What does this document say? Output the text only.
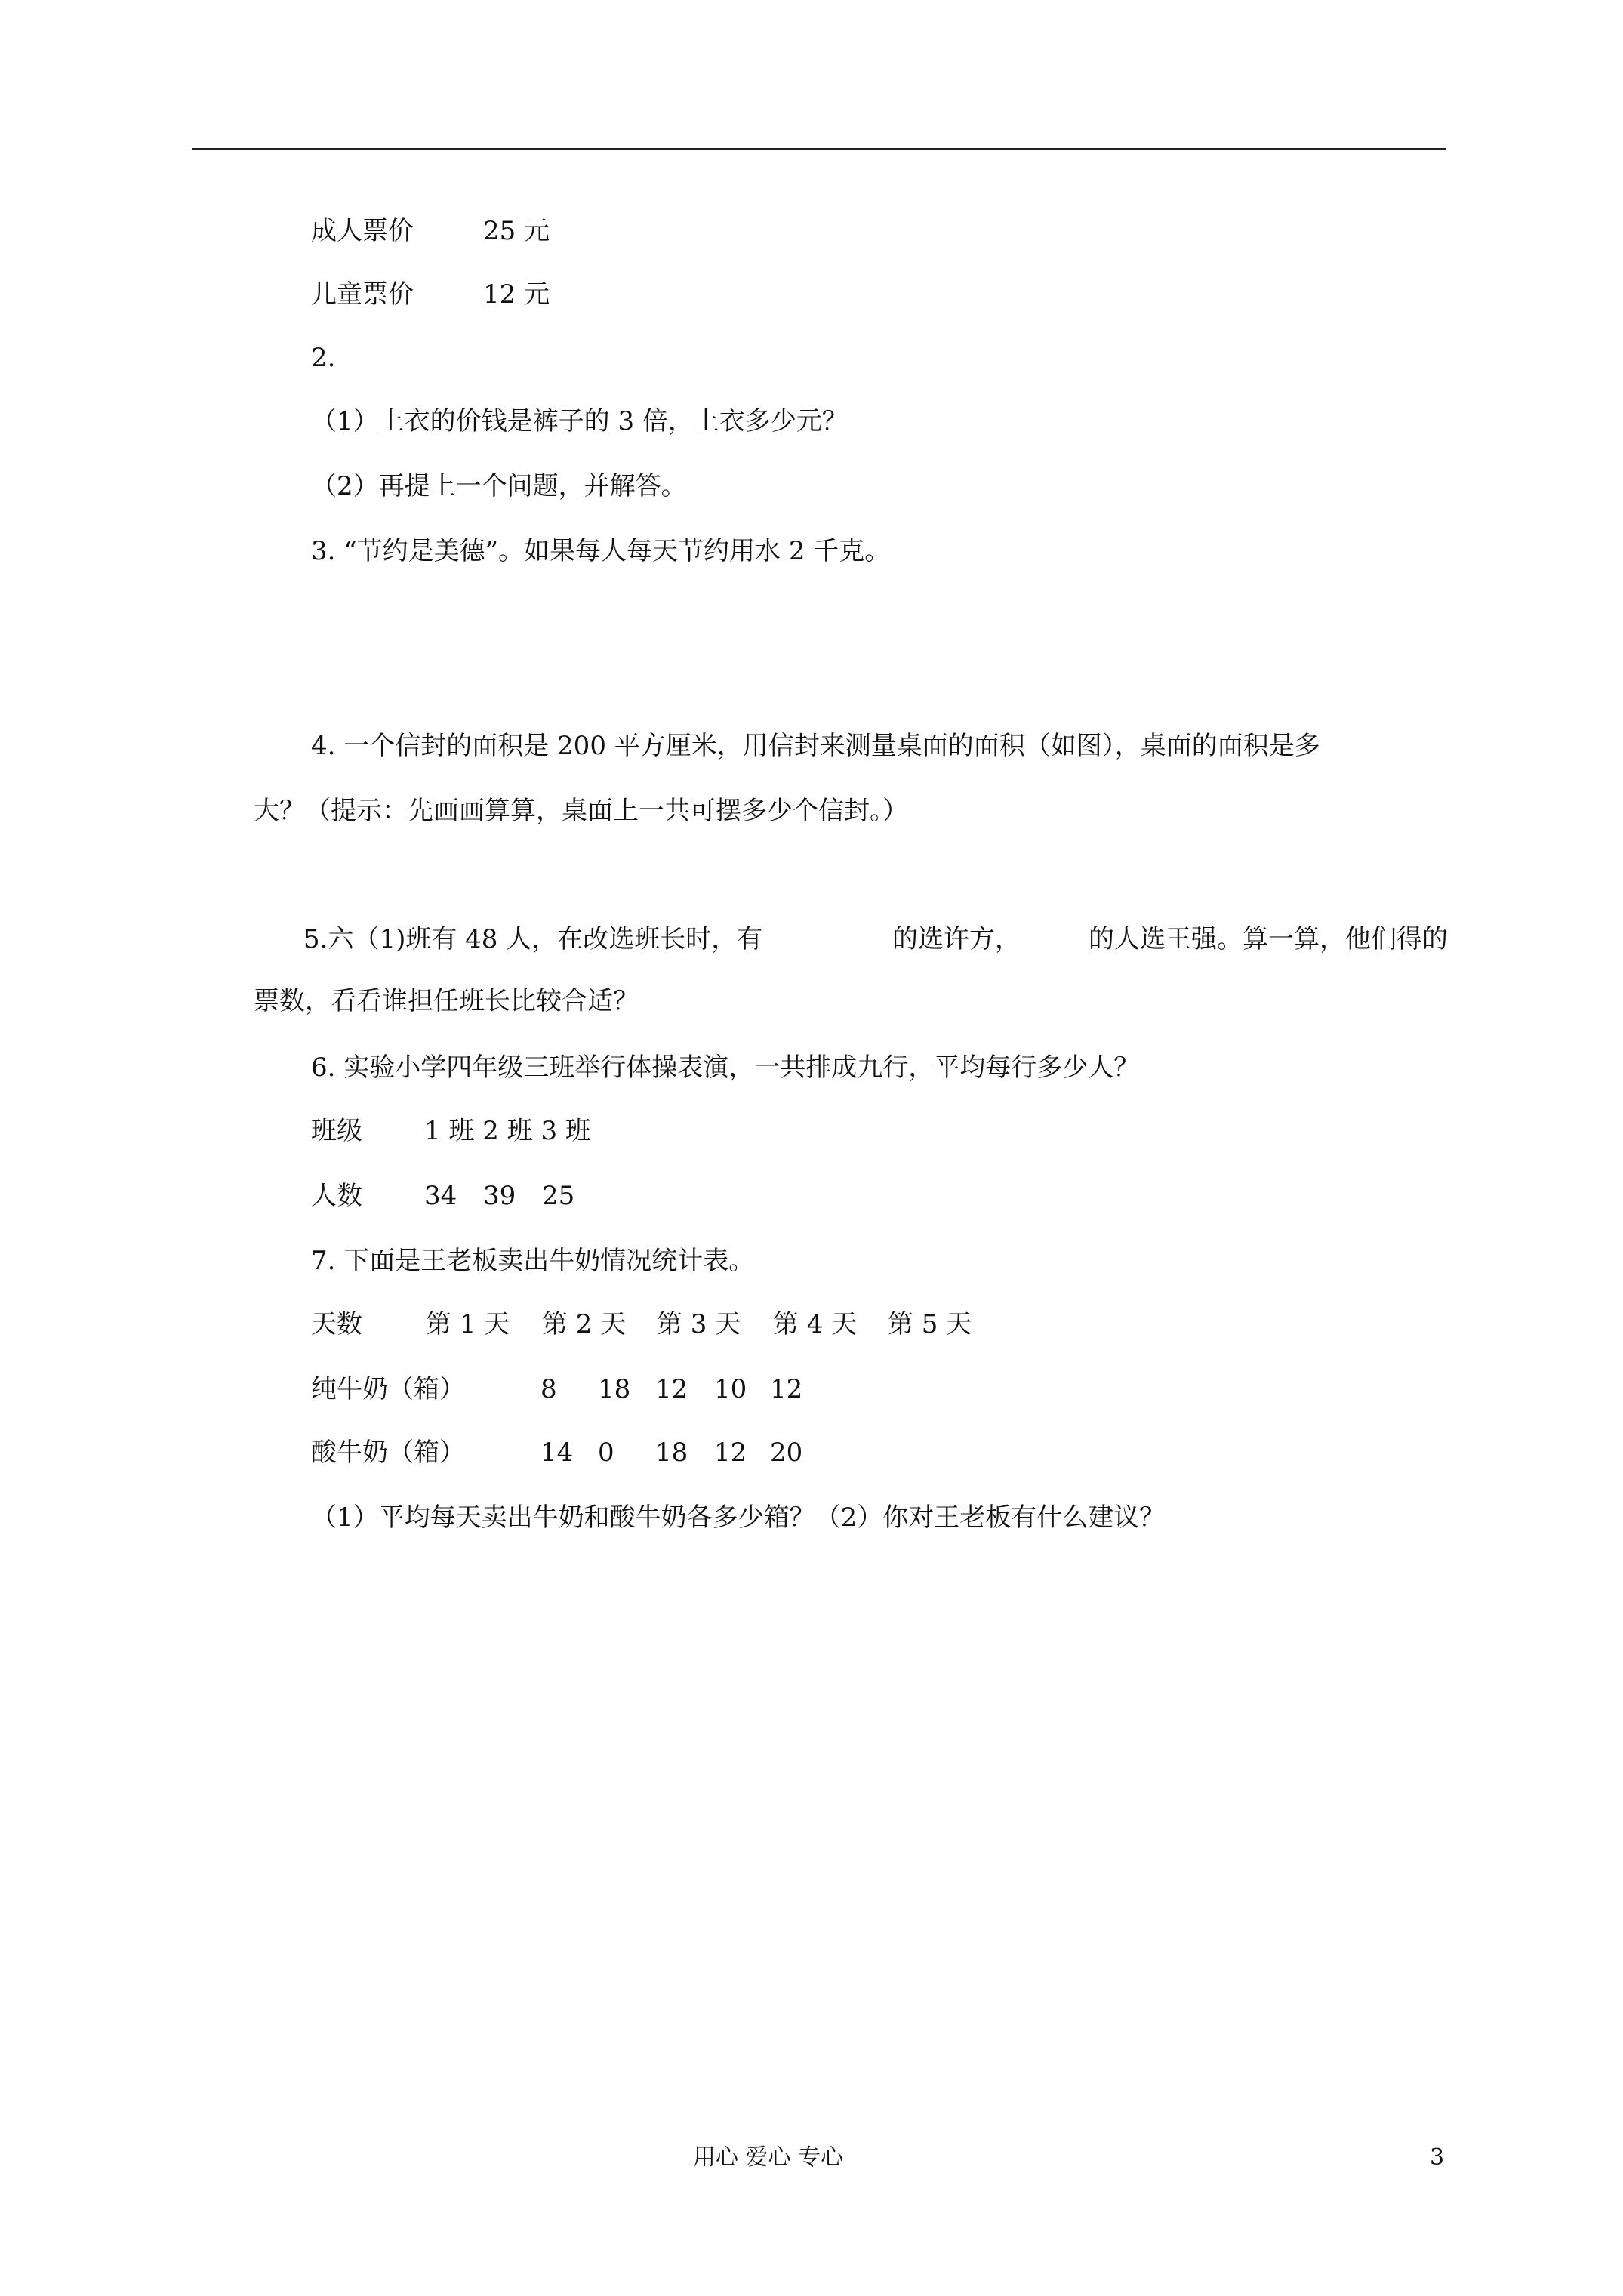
成人票价	25 元
儿童票价	12 元
2.
（1）上衣的价钱是裤子的 3 倍，上衣多少元？
（2）再提上一个问题，并解答。
3. “节约是美德”。如果每人每天节约用水 2 千克。
4. 一个信封的面积是 200 平方厘米，用信封来测量桌面的面积（如图），桌面的面积是多
大？（提示：先画画算算，桌面上一共可摆多少个信封。）
5.六（1)班有 48 人，在改选班长时，有	的选许方，	的人选王强。算一算，他们得的
票数，看看谁担任班长比较合适？
6. 实验小学四年级三班举行体操表演，一共排成九行，平均每行多少人？
班级 1 班 2 班 3 班
人数 34 39 25
7. 下面是王老板卖出牛奶情况统计表。
天数 第 1 天 第 2 天 第 3 天 第 4 天 第 5 天
纯牛奶（箱）	8 18 12 10 12
酸牛奶（箱）	14 0 18 12 20
（1）平均每天卖出牛奶和酸牛奶各多少箱？（2）你对王老板有什么建议？
用心 爱心 专心	3
